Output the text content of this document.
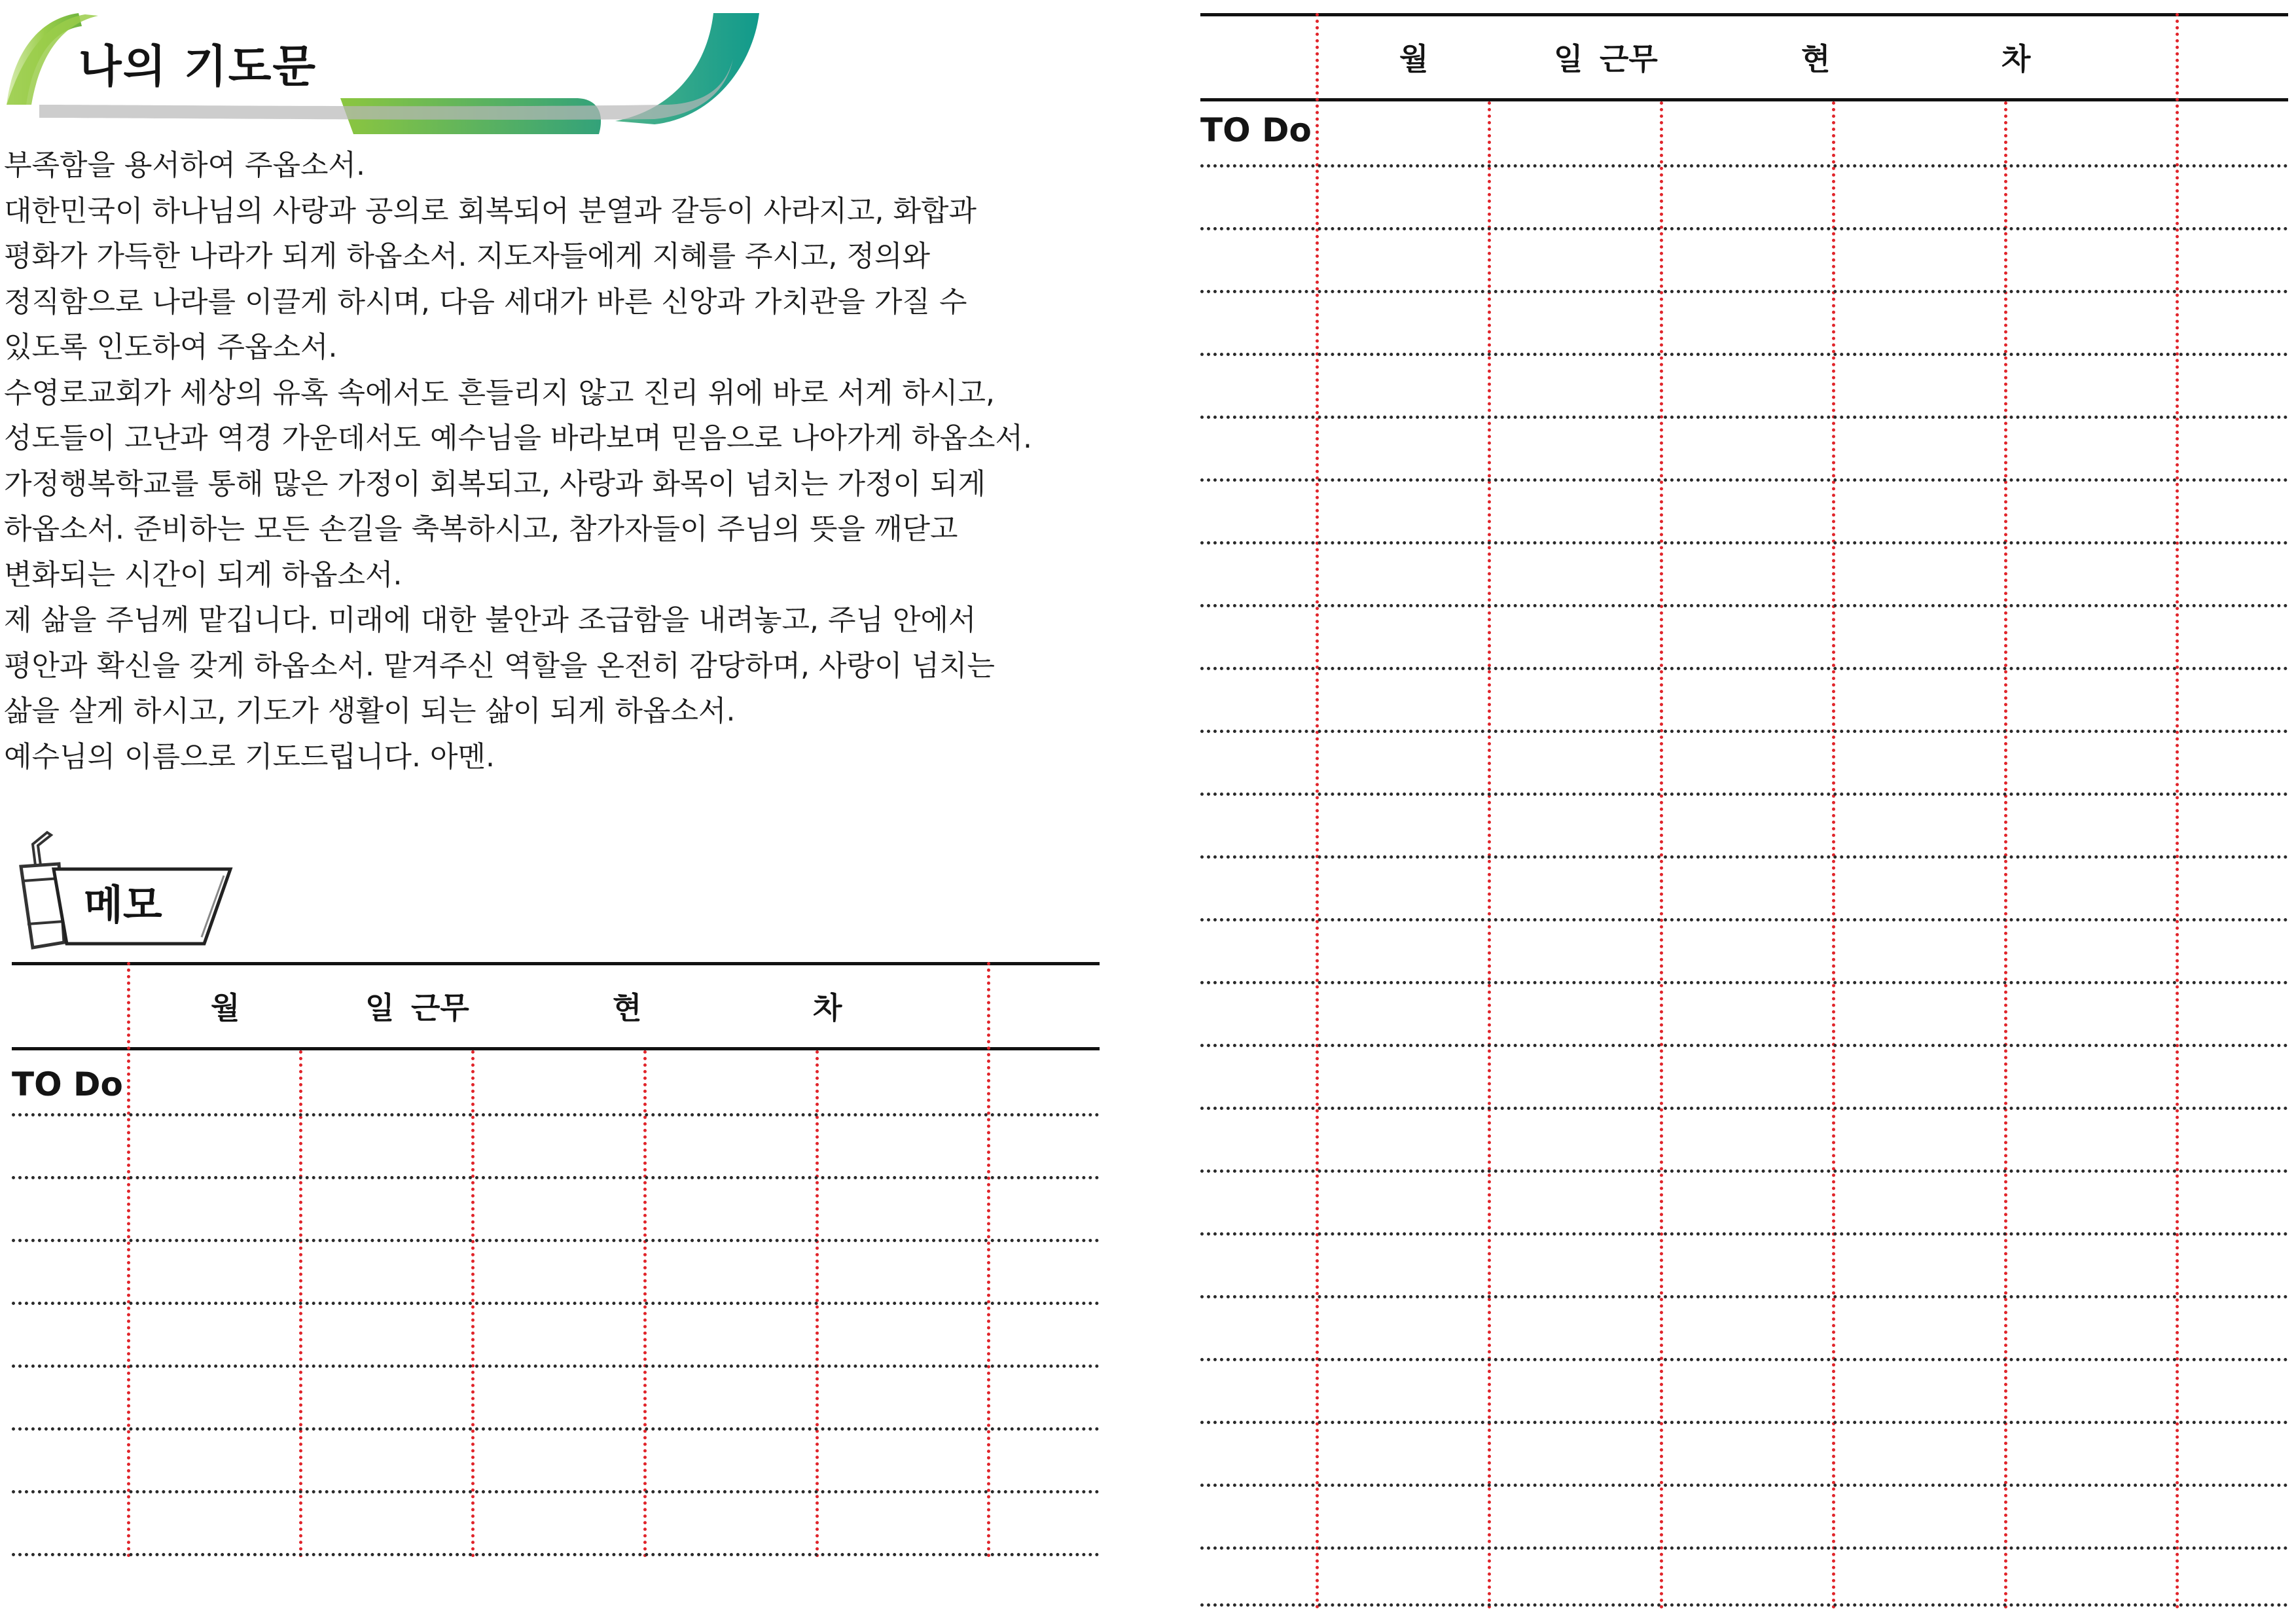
나의 기도문

부족함을 용서하여 주옵소서.

대한민국이 하나님의 사랑과 공의로 회복되어 분열과 갈등이 사라지고, 화합과

평화가 가득한 나라가 되게 하옵소서. 지도자들에게 지혜를 주시고, 정의와

정직함으로 나라를 이끌게 하시며, 다음 세대가 바른 신앙과 가치관을 가질 수

있도록 인도하여 주옵소서.

수영로교회가 세상의 유혹 속에서도 흔들리지 않고 진리 위에 바로 서게 하시고,

성도들이 고난과 역경 가운데서도 예수님을 바라보며 믿음으로 나아가게 하옵소서.

가정행복학교를 통해 많은 가정이 회복되고, 사랑과 화목이 넘치는 가정이 되게

하옵소서. 준비하는 모든 손길을 축복하시고, 참가자들이 주님의 뜻을 깨닫고

변화되는 시간이 되게 하옵소서.

제 삶을 주님께 맡깁니다. 미래에 대한 불안과 조급함을 내려놓고, 주님 안에서

평안과 확신을 갖게 하옵소서. 맡겨주신 역할을 온전히 감당하며, 사랑이 넘치는

삶을 살게 하시고, 기도가 생활이 되는 삶이 되게 하옵소서.

예수님의 이름으로 기도드립니다. 아멘.

메모
월	일 근무	현	차
TO Do
월	일 근무	현	차
TO Do
